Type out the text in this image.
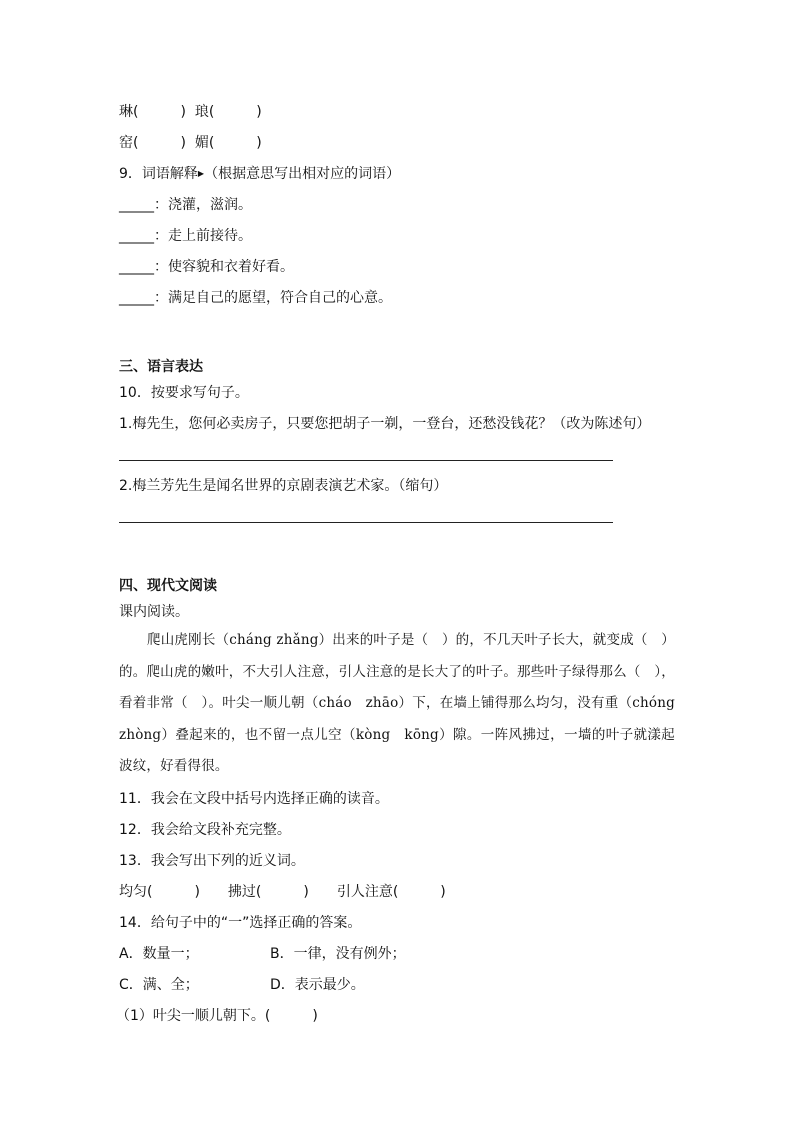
琳(　　　)  琅(　　　)
窑(　　　)  媚(　　　)
9．词语解释▶（根据意思写出相对应的词语）
_____：浇灌，滋润。
_____：走上前接待。
_____：使容貌和衣着好看。
_____：满足自己的愿望，符合自己的心意。
三、语言表达
10．按要求写句子。
1.梅先生，您何必卖房子，只要您把胡子一剃，一登台，还愁没钱花？（改为陈述句）
2.梅兰芳先生是闻名世界的京剧表演艺术家。（缩句）
四、现代文阅读
课内阅读。
爬山虎刚长（cháng zhǎng）出来的叶子是（　）的，不几天叶子长大，就变成（　）的。爬山虎的嫩叶，不大引人注意，引人注意的是长大了的叶子。那些叶子绿得那么（　），看着非常（　）。叶尖一顺儿朝（cháo　zhāo）下，在墙上铺得那么均匀，没有重（chóng zhòng）叠起来的，也不留一点儿空（kòng　kōng）隙。一阵风拂过，一墙的叶子就漾起波纹，好看得很。
11．我会在文段中括号内选择正确的读音。
12．我会给文段补充完整。
13．我会写出下列的近义词。
均匀(　　　)　　拂过(　　　)　　引人注意(　　　)
14．给句子中的“一”选择正确的答案。
A．数量一；	B．一律，没有例外；
C．满、全；	D．表示最少。
（1）叶尖一顺儿朝下。(　　　)
